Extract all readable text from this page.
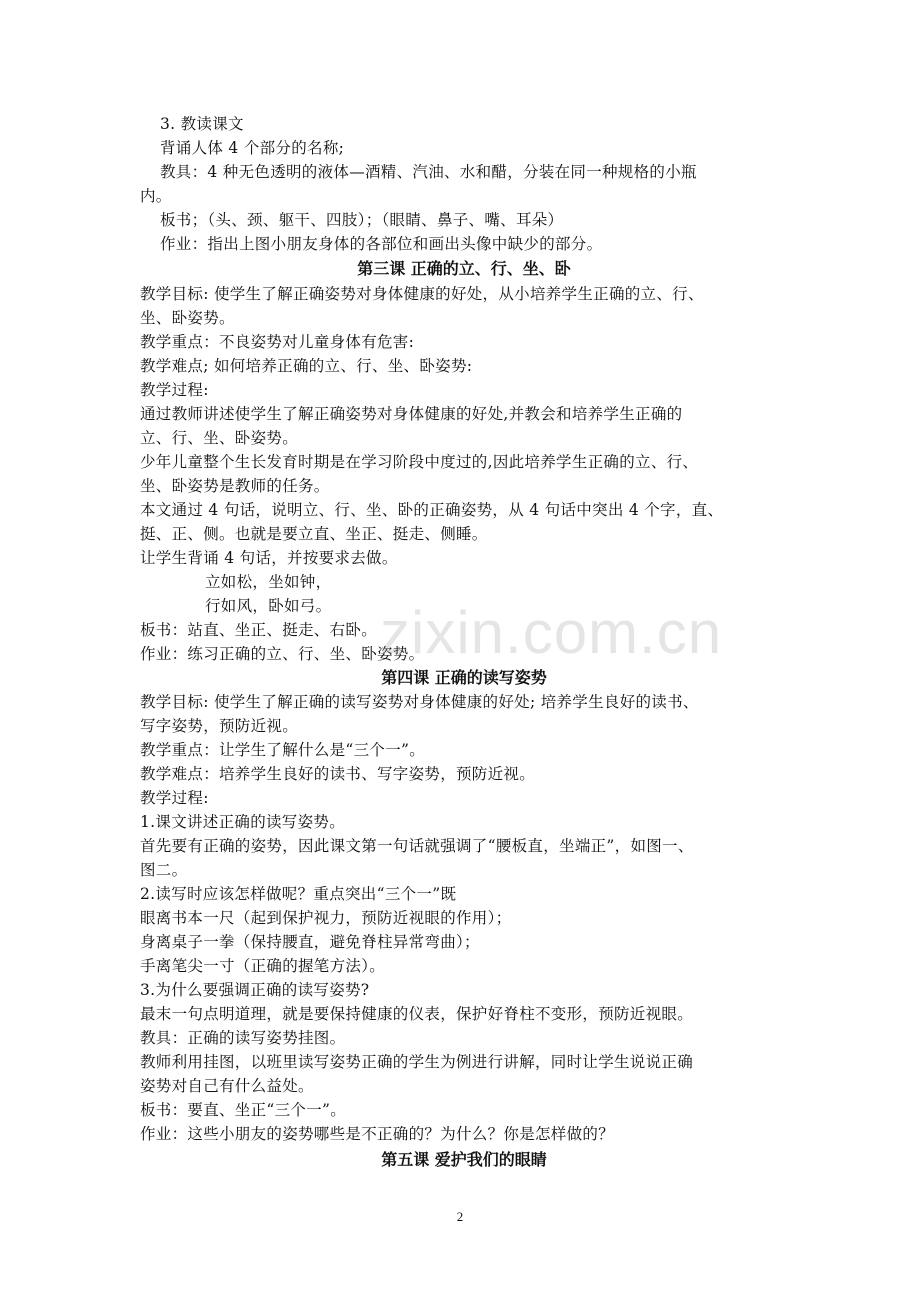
3. 教读课文
背诵人体 4 个部分的名称;
教具：4 种无色透明的液体—酒精、汽油、水和醋，分装在同一种规格的小瓶
内。
板书；（头、颈、躯干、四肢）；（眼睛、鼻子、嘴、耳朵）
作业：指出上图小朋友身体的各部位和画出头像中缺少的部分。
第三课 正确的立、行、坐、卧
教学目标: 使学生了解正确姿势对身体健康的好处，从小培养学生正确的立、行、
坐、卧姿势。
教学重点：不良姿势对儿童身体有危害:
教学难点; 如何培养正确的立、行、坐、卧姿势:
教学过程:
通过教师讲述使学生了解正确姿势对身体健康的好处,并教会和培养学生正确的
立、行、坐、卧姿势。
少年儿童整个生长发育时期是在学习阶段中度过的,因此培养学生正确的立、行、
坐、卧姿势是教师的任务。
本文通过 4 句话，说明立、行、坐、卧的正确姿势，从 4 句话中突出 4 个字，直、
挺、正、侧。也就是要立直、坐正、挺走、侧睡。
让学生背诵 4 句话，并按要求去做。
立如松，坐如钟，
行如风，卧如弓。
板书：站直、坐正、挺走、右卧。
作业：练习正确的立、行、坐、卧姿势。
第四课 正确的读写姿势
教学目标: 使学生了解正确的读写姿势对身体健康的好处; 培养学生良好的读书、
写字姿势，预防近视。
教学重点：让学生了解什么是“三个一”。
教学难点：培养学生良好的读书、写字姿势，预防近视。
教学过程:
1.课文讲述正确的读写姿势。
首先要有正确的姿势，因此课文第一句话就强调了“腰板直，坐端正”，如图一、
图二。
2.读写时应该怎样做呢？重点突出“三个一”既
眼离书本一尺（起到保护视力，预防近视眼的作用）；
身离桌子一拳（保持腰直，避免脊柱异常弯曲）；
手离笔尖一寸（正确的握笔方法）。
3.为什么要强调正确的读写姿势?
最末一句点明道理，就是要保持健康的仪表，保护好脊柱不变形，预防近视眼。
教具：正确的读写姿势挂图。
教师利用挂图，以班里读写姿势正确的学生为例进行讲解，同时让学生说说正确
姿势对自己有什么益处。
板书：要直、坐正“三个一”。
作业：这些小朋友的姿势哪些是不正确的？为什么？你是怎样做的？
第五课 爱护我们的眼睛
zixin.com.cn
2
